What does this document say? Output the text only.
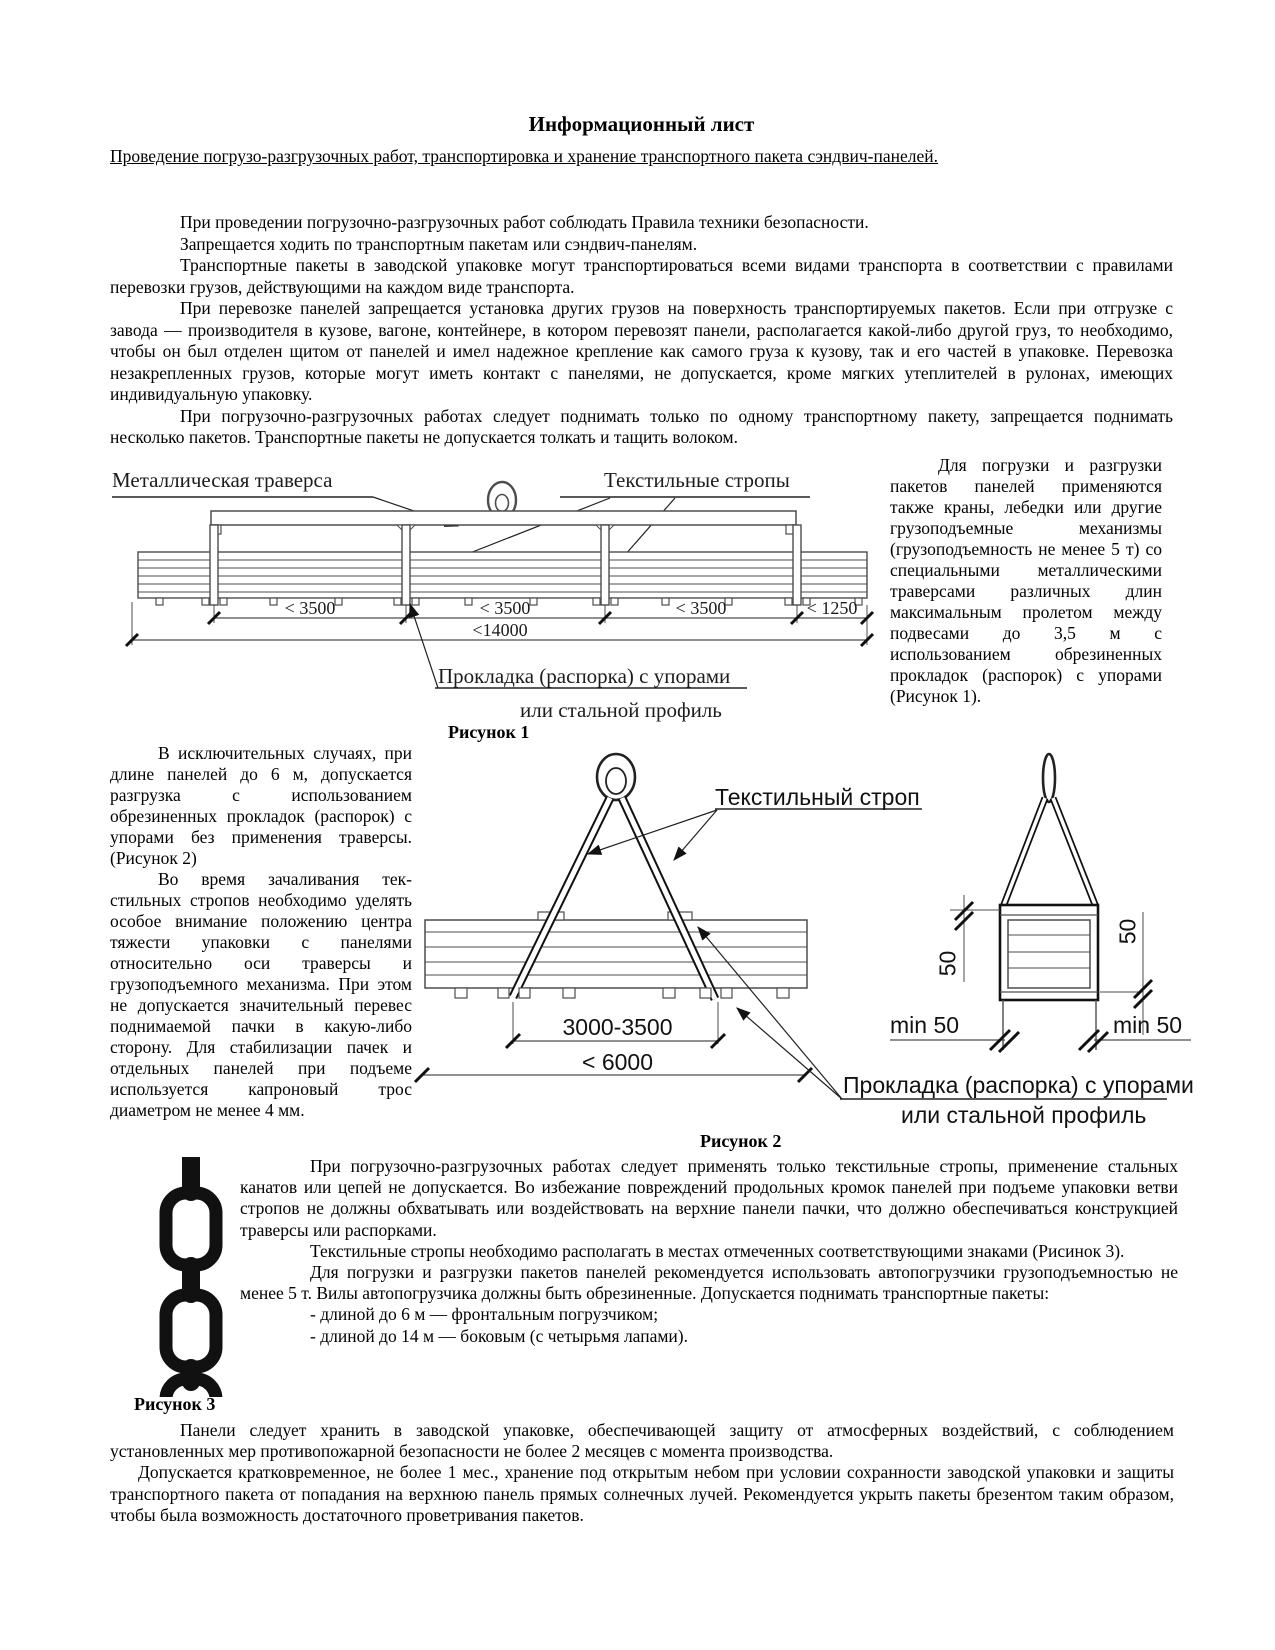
Информационный лист
Проведение погрузо-разгрузочных работ, транспортировка и хранение транспортного пакета сэндвич-панелей.

При проведении погрузочно-разгрузочных работ соблюдать Правила техники безопасности.

Запрещается ходить по транспортным пакетам или сэндвич-панелям.

Транспортные пакеты в заводской упаковке могут транспортироваться всеми видами транспорта в соответствии с правилами перевозки грузов, действующими на каждом виде транспорта.

При перевозке панелей запрещается установка других грузов на поверхность транспортируемых пакетов. Если при отгрузке с завода — производителя в кузове, вагоне, контейнере, в котором перевозят панели, располагается какой-либо другой груз, то необходимо, чтобы он был отделен щитом от панелей и имел надежное крепление как самого груза к кузову, так и его частей в упаковке. Перевозка незакрепленных грузов, которые могут иметь контакт с панелями, не допускается, кроме мягких утеплителей в рулонах, имеющих индивидуальную упаковку.

При погрузочно-разгрузочных работах следует поднимать только по одному транспортному пакету, запрещается поднимать несколько пакетов. Транспортные пакеты не допускается толкать и тащить волоком.

Металлическая траверса	Текстильные стропы
< 3500	< 3500	< 3500	< 1250
<14000
Прокладка (распорка) с упорами
или стальной профиль
Рисунок 1

Для погрузки и разгрузки пакетов панелей применяются также краны, лебедки или другие грузоподъемные механизмы (грузоподъемность не менее 5 т) со специальными металлическими траверсами различных длин максимальным пролетом между подвесами до 3,5 м с использованием обрезиненных прокладок (распорок) с упорами (Рисунок 1).

В исключительных случаях, при длине панелей до 6 м, допускается разгрузка с использованием обрезиненных прокладок (распорок) с упорами без применения траверсы. (Рисунок 2)

Во время зачаливания текстильных стропов необходимо уделять особое внимание положению центра тяжести упаковки с панелями относительно оси траверсы и грузоподъемного механизма. При этом не допускается значительный перевес поднимаемой пачки в какую-либо сторону. Для стабилизации пачек и отдельных панелей при подъеме используется капроновый трос диаметром не менее 4 мм.

Текстильный строп
3000-3500
< 6000
50
50
min 50	min 50
Прокладка (распорка) с упорами
или стальной профиль
Рисунок 2
Рисунок 3

При погрузочно-разгрузочных работах следует применять только текстильные стропы, применение стальных канатов или цепей не допускается. Во избежание повреждений продольных кромок панелей при подъеме упаковки ветви стропов не должны обхватывать или воздействовать на верхние панели пачки, что должно обеспечиваться конструкцией траверсы или распорками.

Текстильные стропы необходимо располагать в местах отмеченных соответствующими знаками (Рисинок 3).

Для погрузки и разгрузки пакетов панелей рекомендуется использовать автопогрузчики грузоподъемностью не менее 5 т. Вилы автопогрузчика должны быть обрезиненные. Допускается поднимать транспортные пакеты:

- длиной до 6 м — фронтальным погрузчиком;

- длиной до 14 м — боковым (с четырьмя лапами).

Панели следует хранить в заводской упаковке, обеспечивающей защиту от атмосферных воздействий, с соблюдением установленных мер противопожарной безопасности не более 2 месяцев с момента производства.

Допускается кратковременное, не более 1 мес., хранение под открытым небом при условии сохранности заводской упаковки и защиты транспортного пакета от попадания на верхнюю панель прямых солнечных лучей. Рекомендуется укрыть пакеты брезентом таким образом, чтобы была возможность достаточного проветривания пакетов.
